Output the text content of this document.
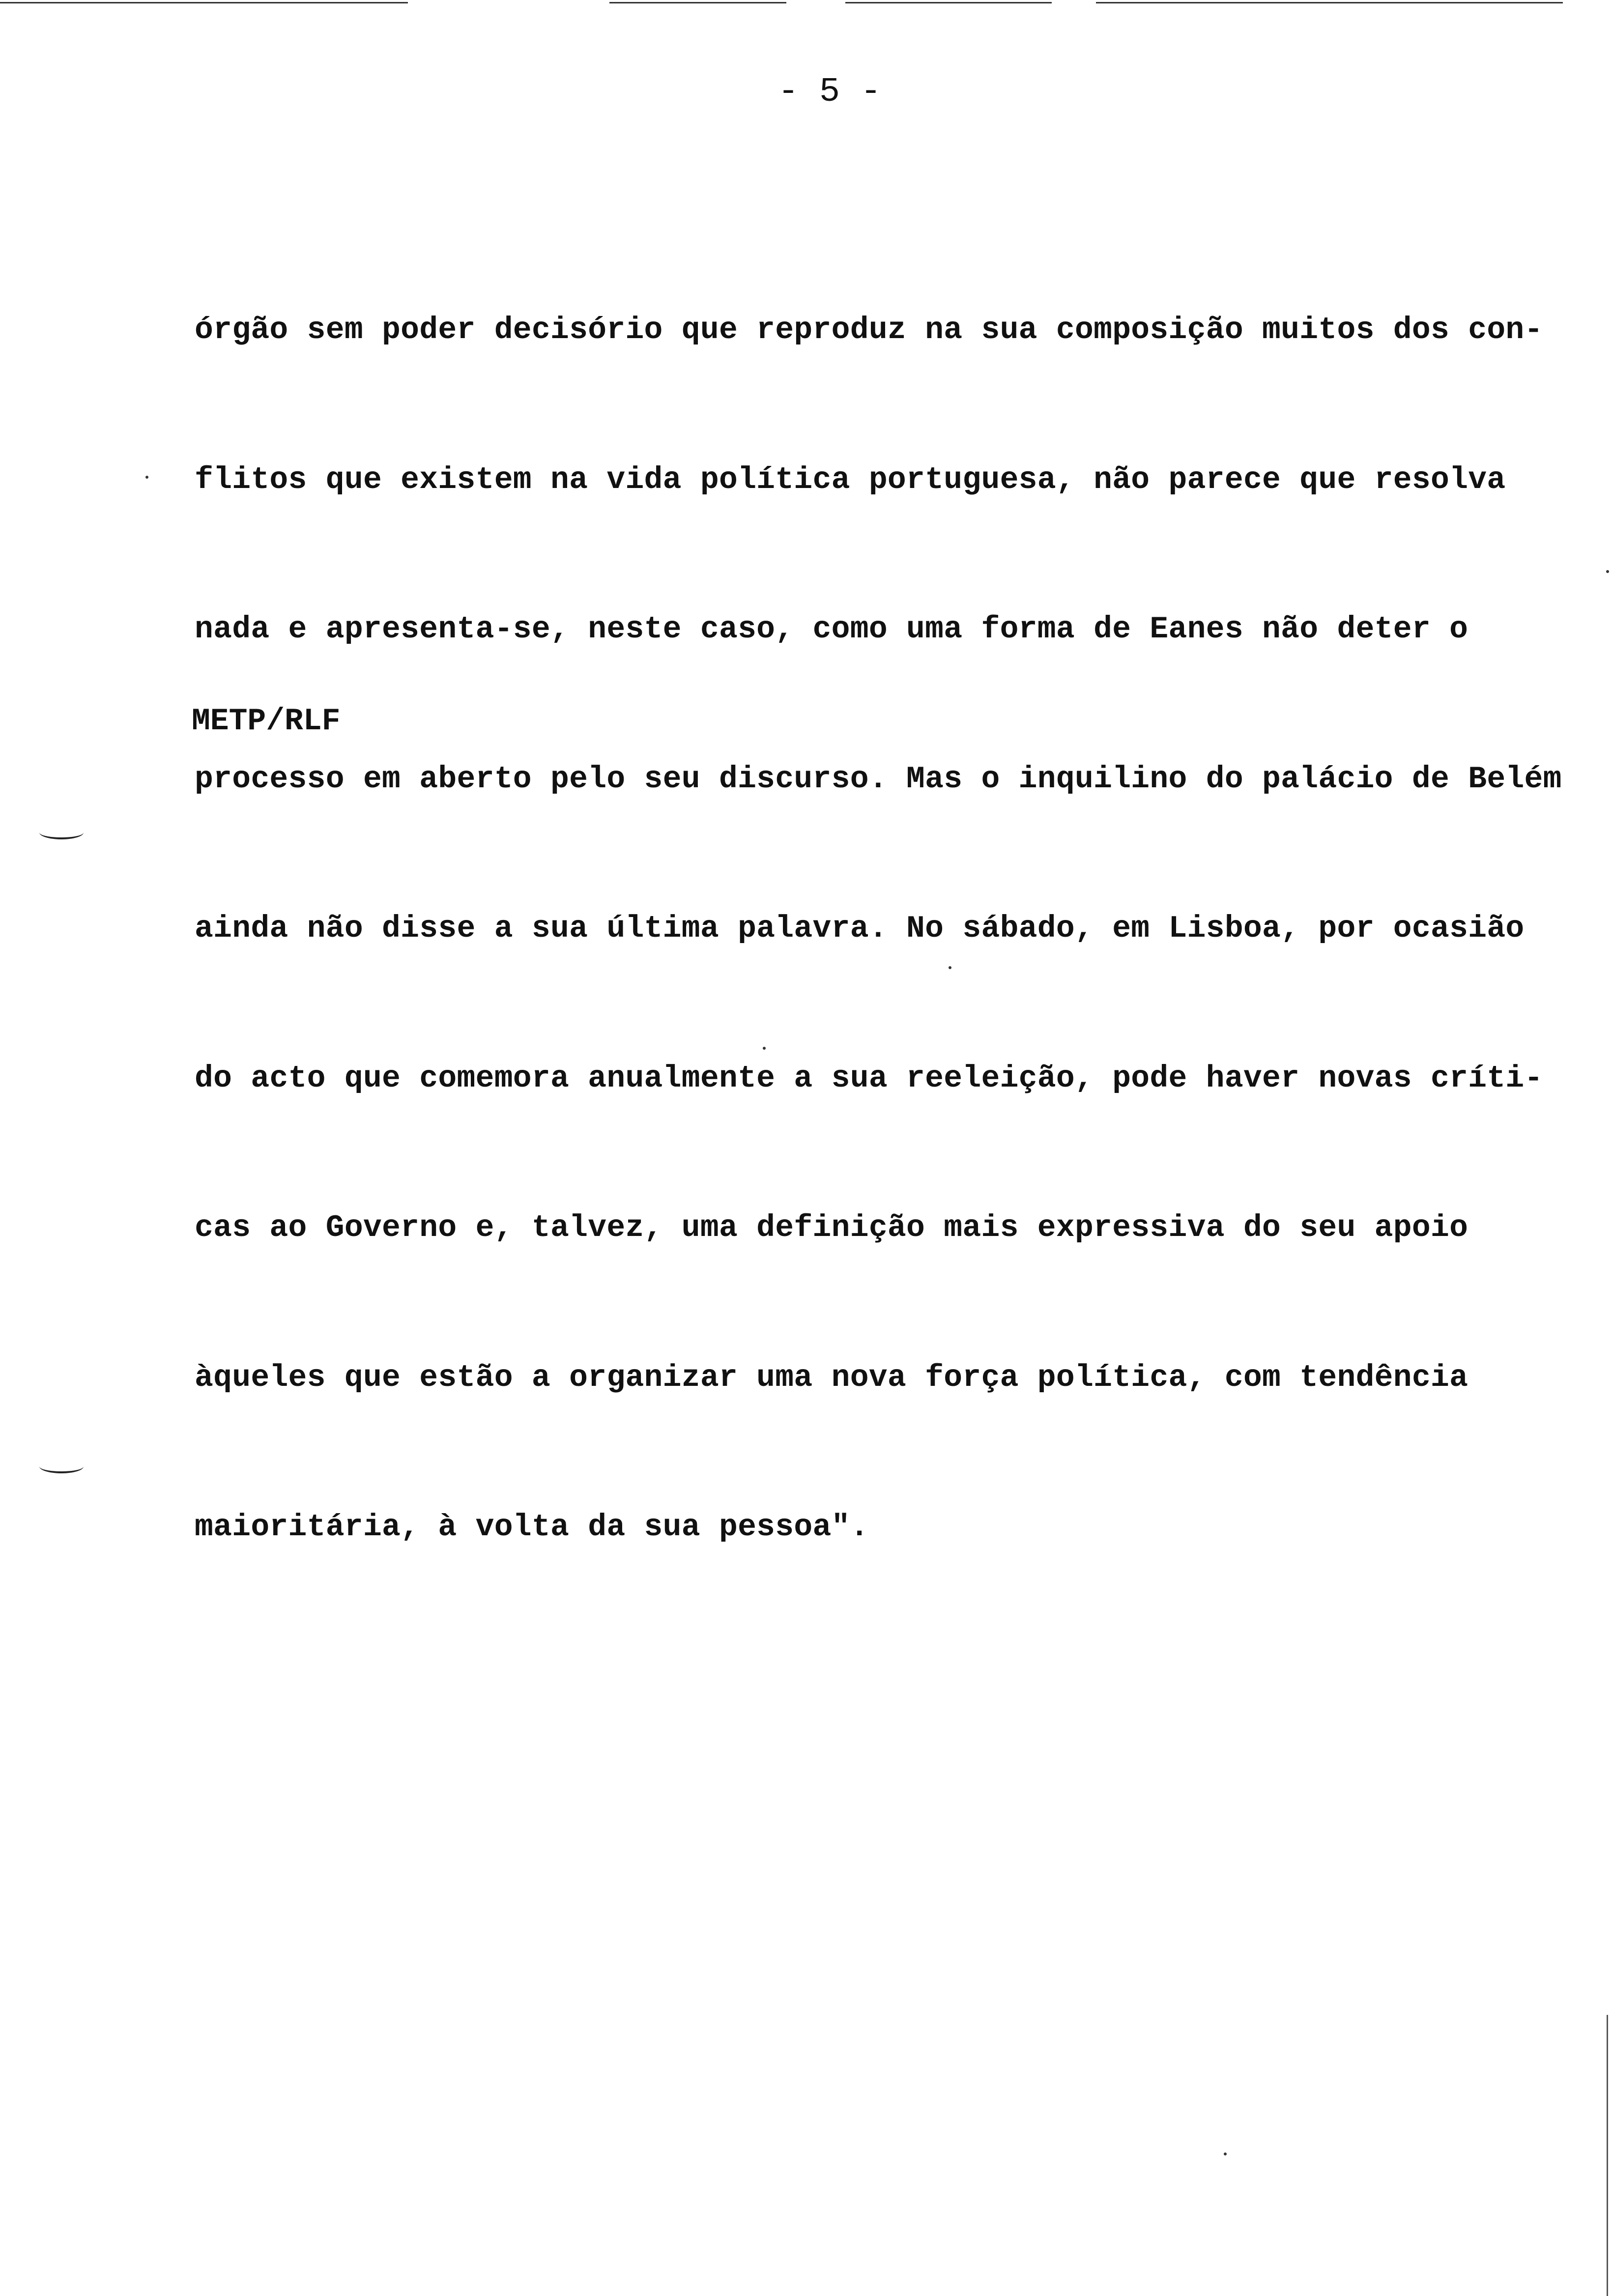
- 5 -

órgão sem poder decisório que reproduz na sua composição muitos dos con-

flitos que existem na vida política portuguesa, não parece que resolva

nada e apresenta-se, neste caso, como uma forma de Eanes não deter o

processo em aberto pelo seu discurso. Mas o inquilino do palácio de Belém

ainda não disse a sua última palavra. No sábado, em Lisboa, por ocasião

do acto que comemora anualmente a sua reeleição, pode haver novas críti-

cas ao Governo e, talvez, uma definição mais expressiva do seu apoio

àqueles que estão a organizar uma nova força política, com tendência

maioritária, à volta da sua pessoa".

METP/RLF
